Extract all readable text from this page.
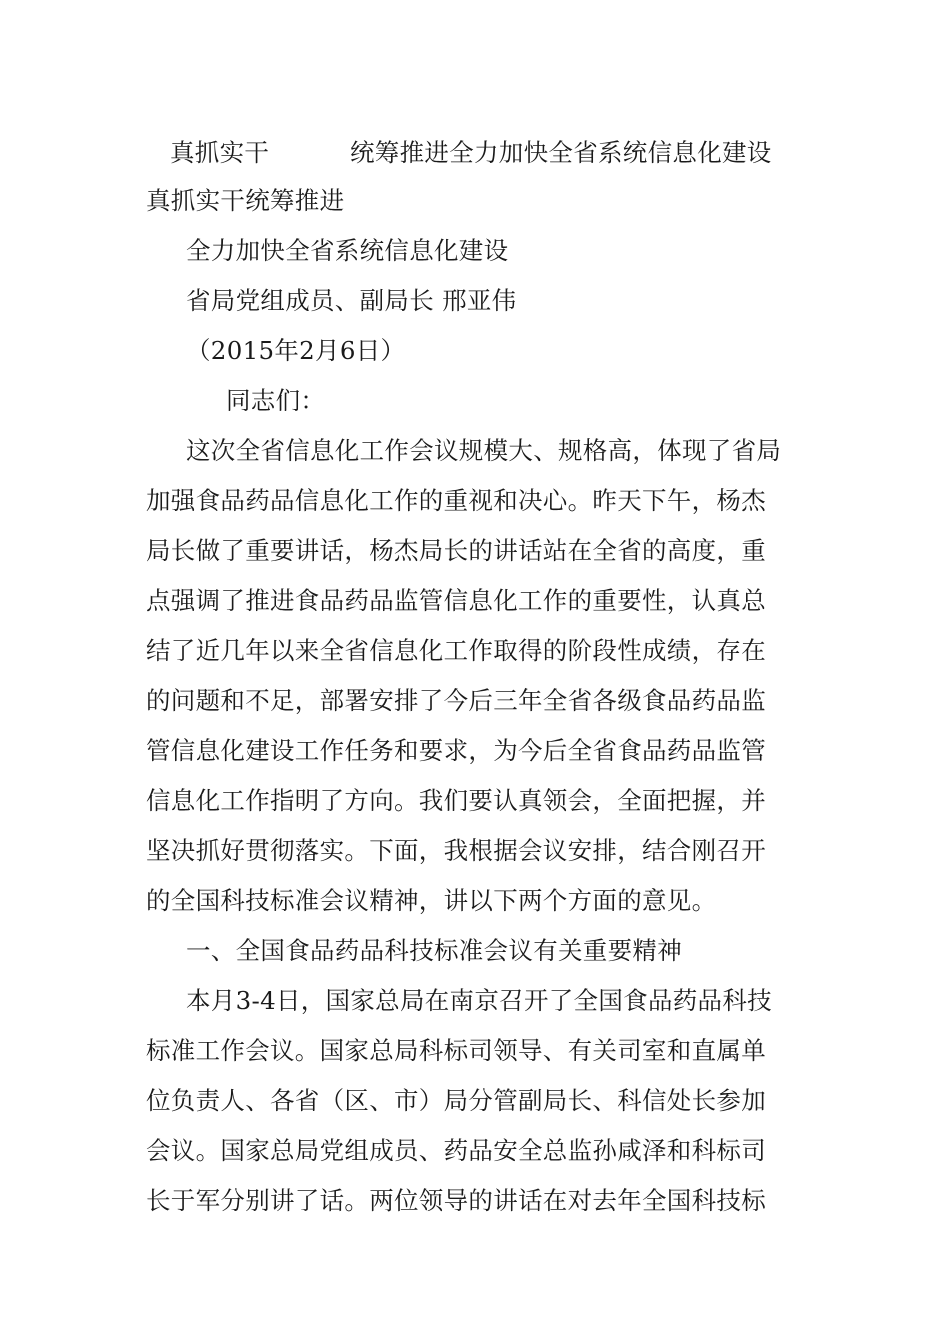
真抓实干	统筹推进全力加快全省系统信息化建设
真抓实干统筹推进
全力加快全省系统信息化建设
省局党组成员、副局长 邢亚伟
（2015年2月6日）
同志们：
这次全省信息化工作会议规模大、规格高，体现了省局
加强食品药品信息化工作的重视和决心。昨天下午，杨杰
局长做了重要讲话，杨杰局长的讲话站在全省的高度，重
点强调了推进食品药品监管信息化工作的重要性，认真总
结了近几年以来全省信息化工作取得的阶段性成绩，存在
的问题和不足，部署安排了今后三年全省各级食品药品监
管信息化建设工作任务和要求，为今后全省食品药品监管
信息化工作指明了方向。我们要认真领会，全面把握，并
坚决抓好贯彻落实。下面，我根据会议安排，结合刚召开
的全国科技标准会议精神，讲以下两个方面的意见。
一、全国食品药品科技标准会议有关重要精神
本月3-4日，国家总局在南京召开了全国食品药品科技
标准工作会议。国家总局科标司领导、有关司室和直属单
位负责人、各省（区、市）局分管副局长、科信处长参加
会议。国家总局党组成员、药品安全总监孙咸泽和科标司
长于军分别讲了话。两位领导的讲话在对去年全国科技标
